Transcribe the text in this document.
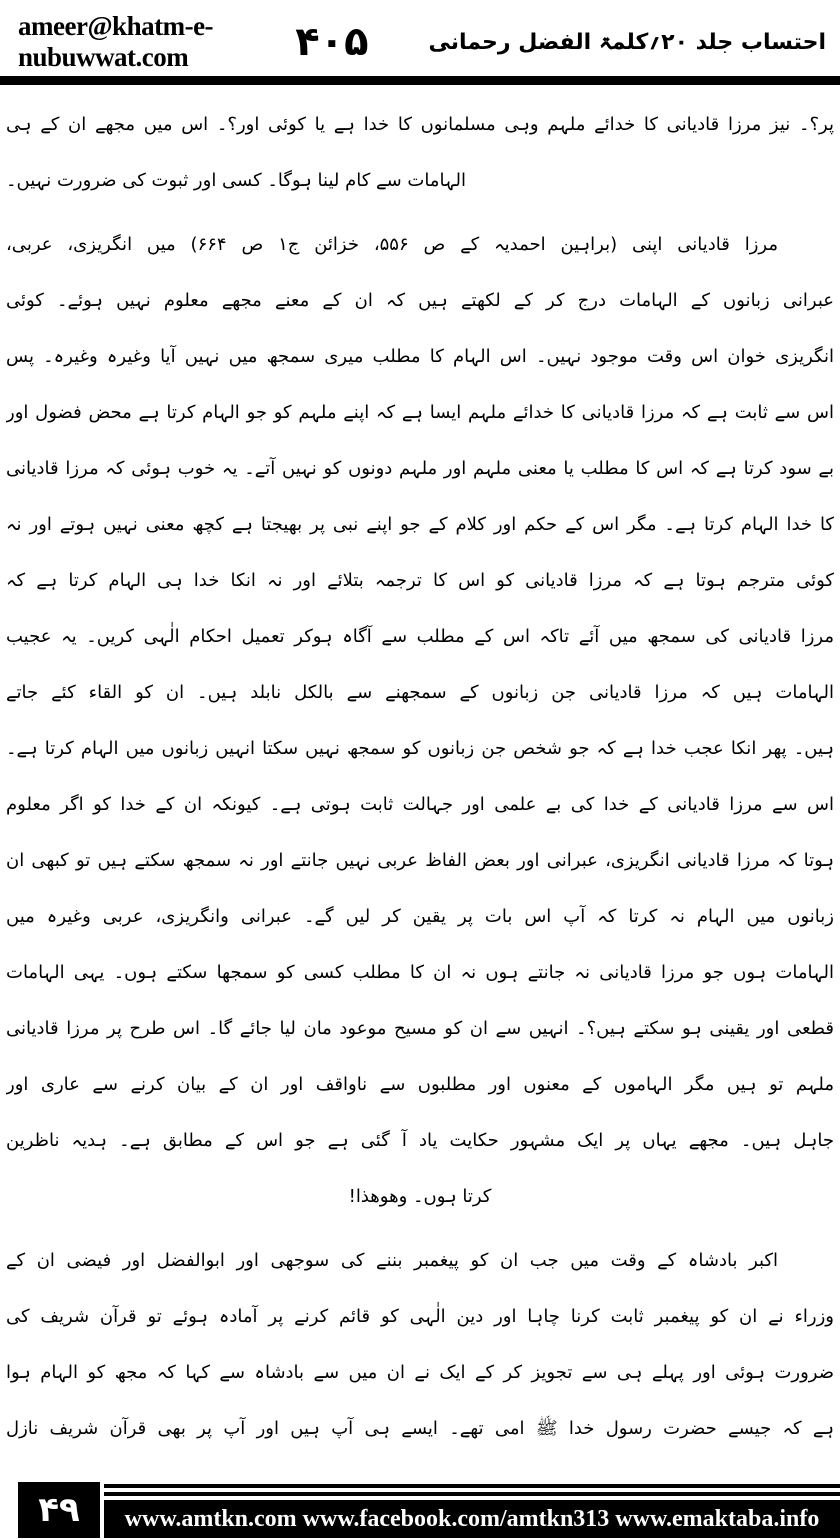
ameer@khatm-e-nubuwwat.com	۴۰۵	احتساب جلد ۲۰؍کلمۃ الفضل رحمانی
پر؟۔ نیز مرزا قادیانی کا خدائے ملہم وہی مسلمانوں کا خدا ہے یا کوئی اور؟۔ اس میں مجھے ان کے ہی
الہامات سے کام لینا ہوگا۔ کسی اور ثبوت کی ضرورت نہیں۔
مرزا قادیانی اپنی (براہین احمدیہ کے ص ۵۵۶، خزائن ج۱ ص ۶۶۴) میں انگریزی، عربی،
عبرانی زبانوں کے الہامات درج کر کے لکھتے ہیں کہ ان کے معنے مجھے معلوم نہیں ہوئے۔ کوئی
انگریزی خوان اس وقت موجود نہیں۔ اس الہام کا مطلب میری سمجھ میں نہیں آیا وغیرہ وغیرہ۔ پس
اس سے ثابت ہے کہ مرزا قادیانی کا خدائے ملہم ایسا ہے کہ اپنے ملہم کو جو الہام کرتا ہے محض فضول اور
بے سود کرتا ہے کہ اس کا مطلب یا معنی ملہم اور ملہم دونوں کو نہیں آتے۔ یہ خوب ہوئی کہ مرزا قادیانی
کا خدا الہام کرتا ہے۔ مگر اس کے حکم اور کلام کے جو اپنے نبی پر بھیجتا ہے کچھ معنی نہیں ہوتے اور نہ
کوئی مترجم ہوتا ہے کہ مرزا قادیانی کو اس کا ترجمہ بتلائے اور نہ انکا خدا ہی الہام کرتا ہے کہ
مرزا قادیانی کی سمجھ میں آئے تاکہ اس کے مطلب سے آگاہ ہوکر تعمیل احکام الٰہی کریں۔ یہ عجیب
الہامات ہیں کہ مرزا قادیانی جن زبانوں کے سمجھنے سے بالکل نابلد ہیں۔ ان کو القاء کئے جاتے
ہیں۔ پھر انکا عجب خدا ہے کہ جو شخص جن زبانوں کو سمجھ نہیں سکتا انہیں زبانوں میں الہام کرتا ہے۔
اس سے مرزا قادیانی کے خدا کی بے علمی اور جہالت ثابت ہوتی ہے۔ کیونکہ ان کے خدا کو اگر معلوم
ہوتا کہ مرزا قادیانی انگریزی، عبرانی اور بعض الفاظ عربی نہیں جانتے اور نہ سمجھ سکتے ہیں تو کبھی ان
زبانوں میں الہام نہ کرتا کہ آپ اس بات پر یقین کر لیں گے۔ عبرانی وانگریزی، عربی وغیرہ میں
الہامات ہوں جو مرزا قادیانی نہ جانتے ہوں نہ ان کا مطلب کسی کو سمجھا سکتے ہوں۔ یہی الہامات
قطعی اور یقینی ہو سکتے ہیں؟۔ انہیں سے ان کو مسیح موعود مان لیا جائے گا۔ اس طرح پر مرزا قادیانی
ملہم تو ہیں مگر الہاموں کے معنوں اور مطلبوں سے ناواقف اور ان کے بیان کرنے سے عاری اور
جاہل ہیں۔ مجھے یہاں پر ایک مشہور حکایت یاد آ گئی ہے جو اس کے مطابق ہے۔ ہدیہ ناظرین
کرتا ہوں۔ وھوھذا!
اکبر بادشاہ کے وقت میں جب ان کو پیغمبر بننے کی سوجھی اور ابوالفضل اور فیضی ان کے
وزراء نے ان کو پیغمبر ثابت کرنا چاہا اور دین الٰہی کو قائم کرنے پر آمادہ ہوئے تو قرآن شریف کی
ضرورت ہوئی اور پہلے ہی سے تجویز کر کے ایک نے ان میں سے بادشاہ سے کہا کہ مجھ کو الہام ہوا
ہے کہ جیسے حضرت رسول خدا ﷺ امی تھے۔ ایسے ہی آپ ہیں اور آپ پر بھی قرآن شریف نازل
۴۹	www.amtkn.com www.facebook.com/amtkn313 www.emaktaba.info
